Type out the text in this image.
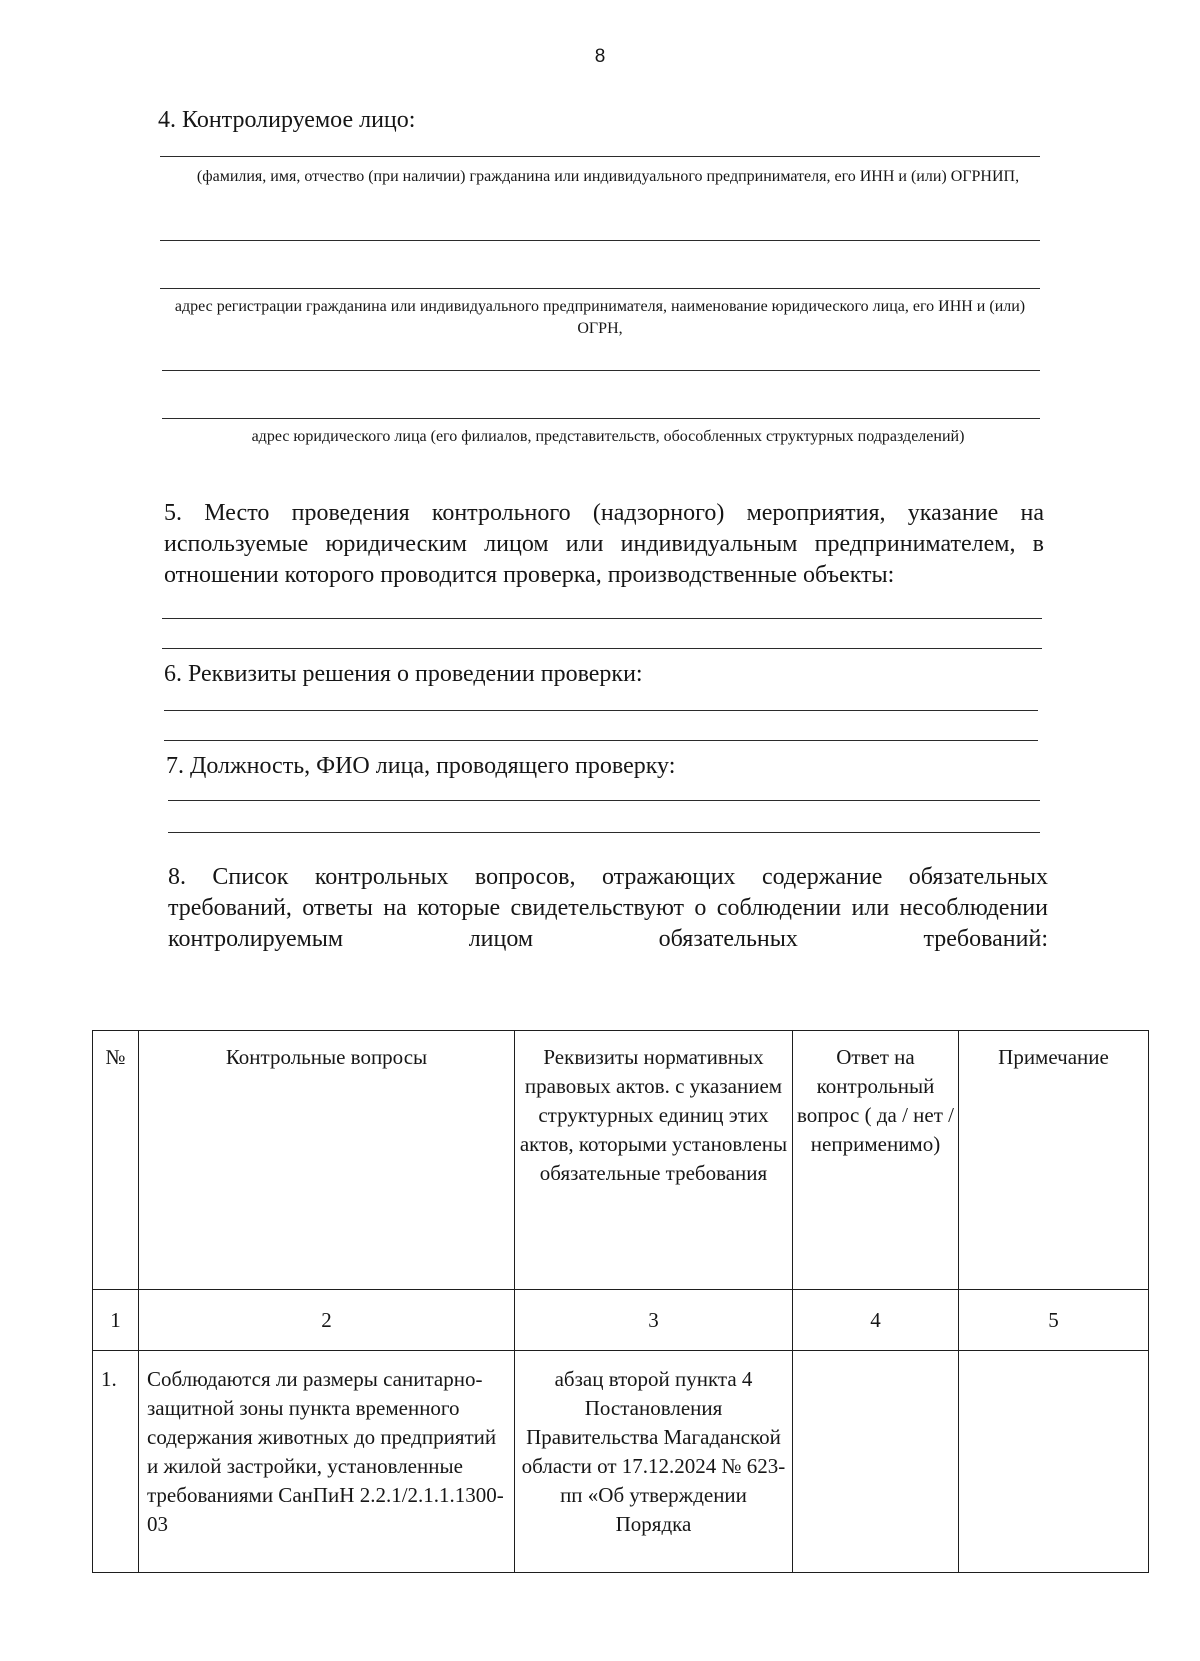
8

4. Контролируемое лицо:

(фамилия, имя, отчество (при наличии) гражданина или индивидуального предпринимателя, его ИНН и (или) ОГРНИП,

адрес регистрации гражданина или индивидуального предпринимателя, наименование юридического лица, его ИНН и (или) ОГРН,

адрес юридического лица (его филиалов, представительств, обособленных структурных подразделений)

5. Место проведения контрольного (надзорного) мероприятия, указание на используемые юридическим лицом или индивидуальным предпринимателем, в отношении которого проводится проверка, производственные объекты:

6. Реквизиты решения о проведении проверки:

7. Должность, ФИО лица, проводящего проверку:

8. Список контрольных вопросов, отражающих содержание обязательных требований, ответы на которые свидетельствуют о соблюдении или несоблюдении контролируемым лицом обязательных требований:

№	Контрольные вопросы	Реквизиты нормативных правовых актов. с указанием структурных единиц этих актов, которыми установлены обязательные требования	Ответ на контрольный вопрос ( да / нет / неприменимо)	Примечание
1	2	3	4	5
1.	Соблюдаются ли размеры санитарно- защитной зоны пункта временного содержания животных до предприятий и жилой застройки, установленные требованиями СанПиН 2.2.1/2.1.1.1300-03	абзац второй пункта 4 Постановления Правительства Магаданской области от 17.12.2024 № 623-пп «Об утверждении Порядка		
